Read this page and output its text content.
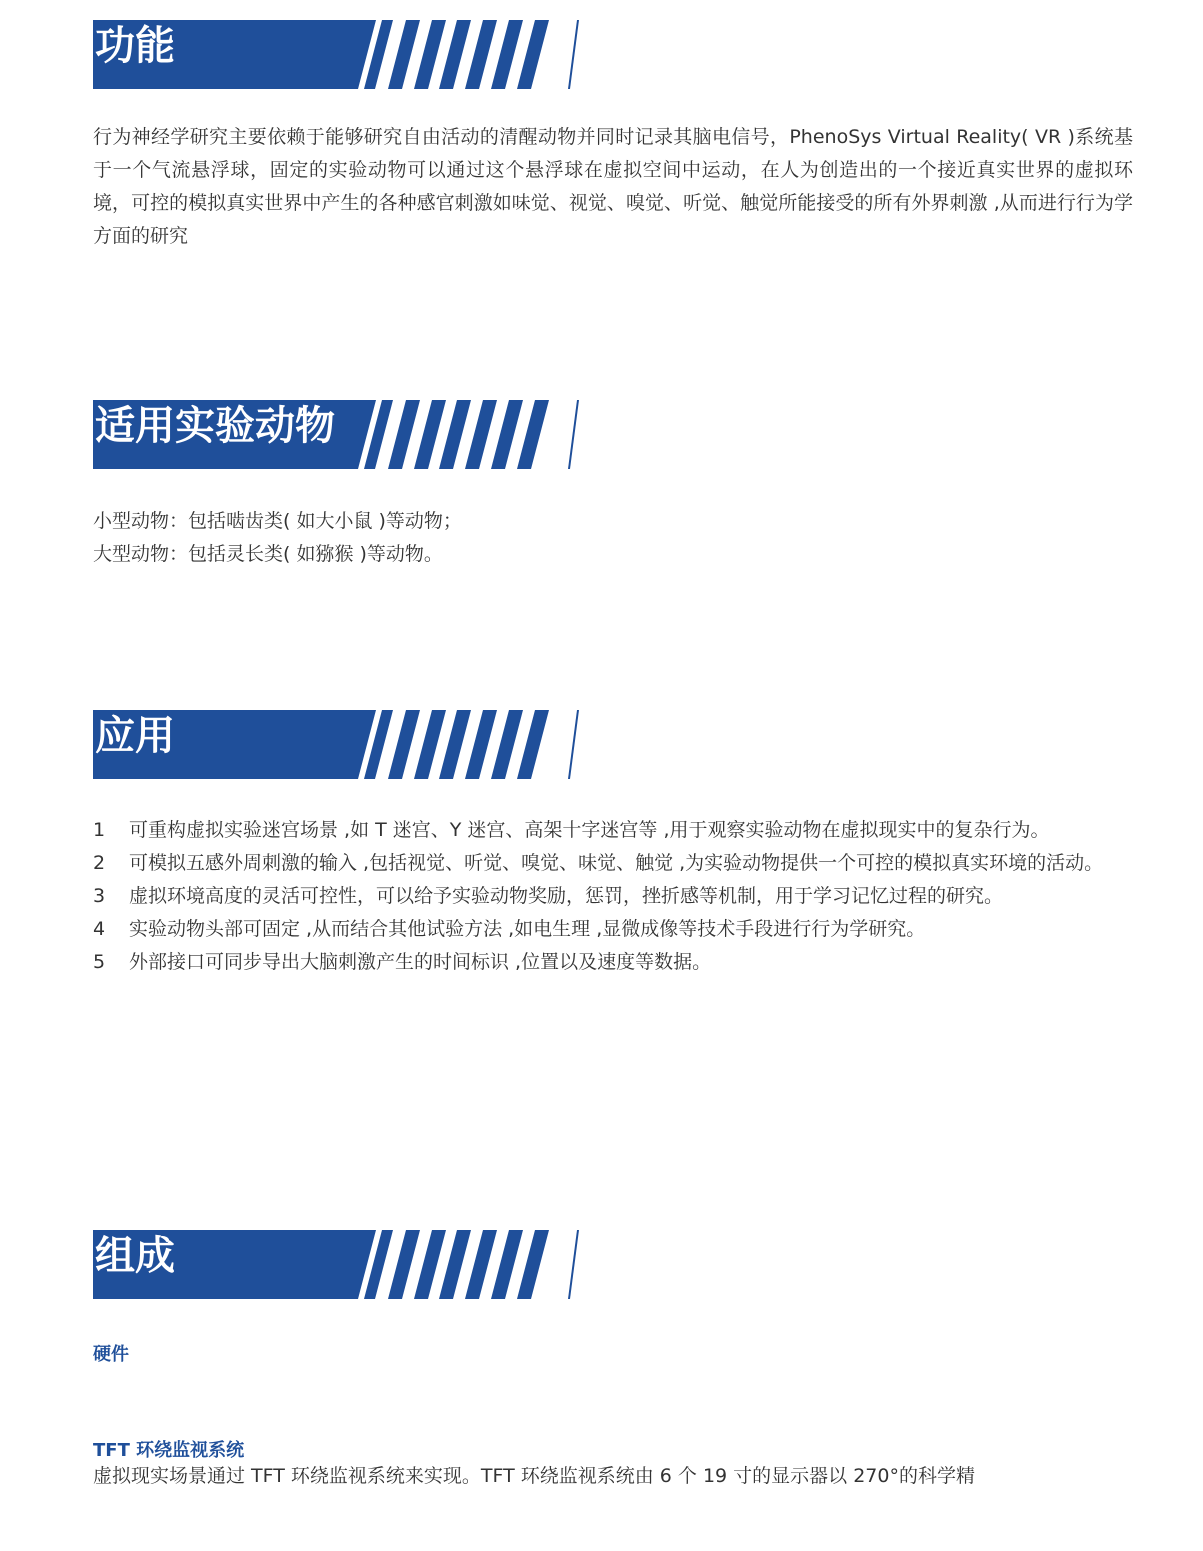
功能

行为神经学研究主要依赖于能够研究自由活动的清醒动物并同时记录其脑电信号，PhenoSys Virtual Reality( VR )系统基于一个气流悬浮球，固定的实验动物可以通过这个悬浮球在虚拟空间中运动，在人为创造出的一个接近真实世界的虚拟环境，可控的模拟真实世界中产生的各种感官刺激如味觉、视觉、嗅觉、听觉、触觉所能接受的所有外界刺激 ,从而进行行为学方面的研究

适用实验动物
小型动物：包括啮齿类( 如大小鼠 )等动物；
大型动物：包括灵长类( 如猕猴 )等动物。
应用
1	可重构虚拟实验迷宫场景 ,如 T 迷宫、Y 迷宫、高架十字迷宫等 ,用于观察实验动物在虚拟现实中的复杂行为。
2	可模拟五感外周刺激的输入 ,包括视觉、听觉、嗅觉、味觉、触觉 ,为实验动物提供一个可控的模拟真实环境的活动。
3	虚拟环境高度的灵活可控性，可以给予实验动物奖励，惩罚，挫折感等机制，用于学习记忆过程的研究。
4	实验动物头部可固定 ,从而结合其他试验方法 ,如电生理 ,显微成像等技术手段进行行为学研究。
5	外部接口可同步导出大脑刺激产生的时间标识 ,位置以及速度等数据。
组成
硬件
TFT 环绕监视系统
虚拟现实场景通过 TFT 环绕监视系统来实现。TFT 环绕监视系统由 6 个 19 寸的显示器以 270°的科学精
